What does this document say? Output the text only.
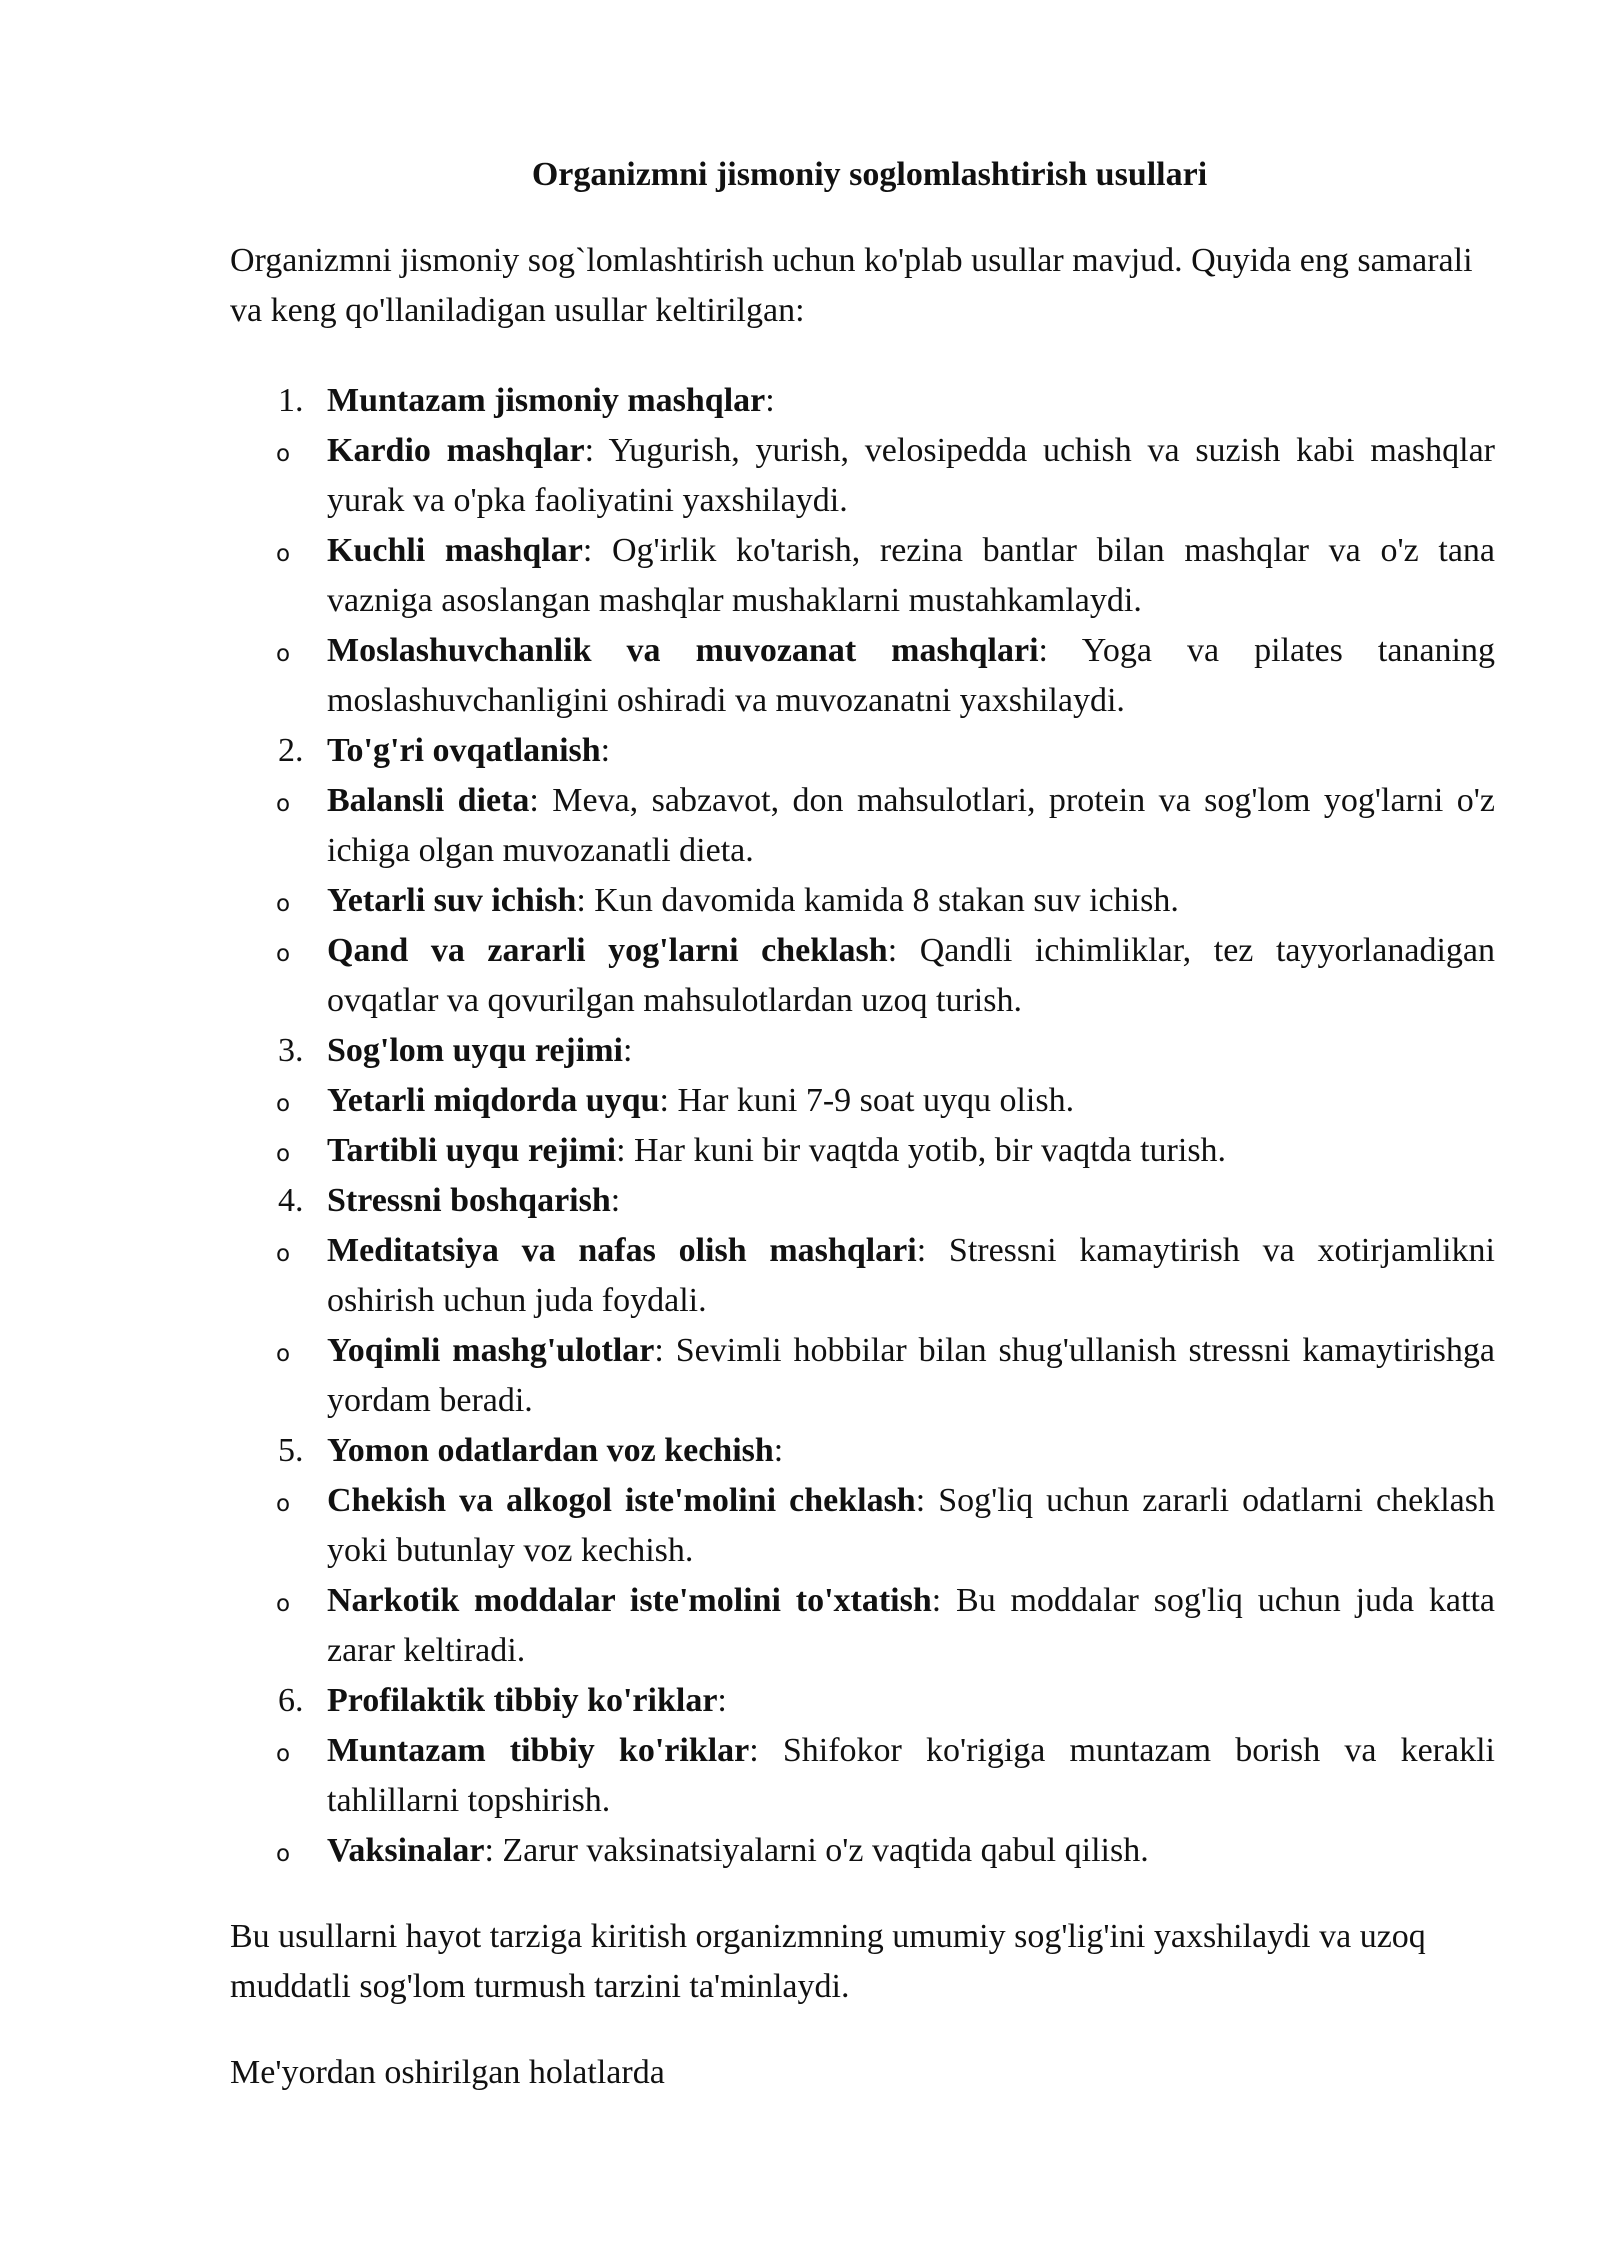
Organizmni jismoniy soglomlashtirish usullari

Organizmni jismoniy sog`lomlashtirish uchun ko'plab usullar mavjud. Quyida eng samarali va keng qo'llaniladigan usullar keltirilgan:

1. Muntazam jismoniy mashqlar:
o Kardio mashqlar: Yugurish, yurish, velosipedda uchish va suzish kabi mashqlar yurak va o'pka faoliyatini yaxshilaydi.
o Kuchli mashqlar: Og'irlik ko'tarish, rezina bantlar bilan mashqlar va o'z tana vazniga asoslangan mashqlar mushaklarni mustahkamlaydi.
o Moslashuvchanlik va muvozanat mashqlari: Yoga va pilates tananing moslashuvchanligini oshiradi va muvozanatni yaxshilaydi.
2. To'g'ri ovqatlanish:
o Balansli dieta: Meva, sabzavot, don mahsulotlari, protein va sog'lom yog'larni o'z ichiga olgan muvozanatli dieta.
o Yetarli suv ichish: Kun davomida kamida 8 stakan suv ichish.
o Qand va zararli yog'larni cheklash: Qandli ichimliklar, tez tayyorlanadigan ovqatlar va qovurilgan mahsulotlardan uzoq turish.
3. Sog'lom uyqu rejimi:
o Yetarli miqdorda uyqu: Har kuni 7-9 soat uyqu olish.
o Tartibli uyqu rejimi: Har kuni bir vaqtda yotib, bir vaqtda turish.
4. Stressni boshqarish:
o Meditatsiya va nafas olish mashqlari: Stressni kamaytirish va xotirjamlikni oshirish uchun juda foydali.
o Yoqimli mashg'ulotlar: Sevimli hobbilar bilan shug'ullanish stressni kamaytirishga yordam beradi.
5. Yomon odatlardan voz kechish:
o Chekish va alkogol iste'molini cheklash: Sog'liq uchun zararli odatlarni cheklash yoki butunlay voz kechish.
o Narkotik moddalar iste'molini to'xtatish: Bu moddalar sog'liq uchun juda katta zarar keltiradi.
6. Profilaktik tibbiy ko'riklar:
o Muntazam tibbiy ko'riklar: Shifokor ko'rigiga muntazam borish va kerakli tahlillarni topshirish.
o Vaksinalar: Zarur vaksinatsiyalarni o'z vaqtida qabul qilish.

Bu usullarni hayot tarziga kiritish organizmning umumiy sog'lig'ini yaxshilaydi va uzoq muddatli sog'lom turmush tarzini ta'minlaydi.

Me'yordan oshirilgan holatlarda
